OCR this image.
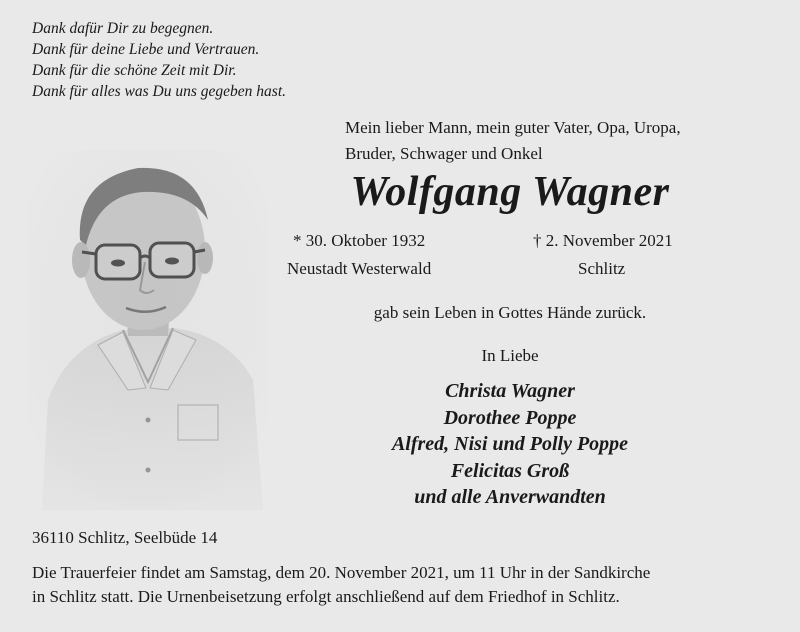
Dank dafür Dir zu begegnen.
Dank für deine Liebe und Vertrauen.
Dank für die schöne Zeit mit Dir.
Dank für alles was Du uns gegeben hast.
Mein lieber Mann, mein guter Vater, Opa, Uropa,
Bruder, Schwager und Onkel
Wolfgang Wagner
* 30. Oktober 1932	† 2. November 2021
Neustadt Westerwald	Schlitz
gab sein Leben in Gottes Hände zurück.
In Liebe
Christa Wagner
Dorothee Poppe
Alfred, Nisi und Polly Poppe
Felicitas Groß
und alle Anverwandten
36110 Schlitz, Seelbüde 14
Die Trauerfeier findet am Samstag, dem 20. November 2021, um 11 Uhr in der Sandkirche
in Schlitz statt. Die Urnenbeisetzung erfolgt anschließend auf dem Friedhof in Schlitz.
